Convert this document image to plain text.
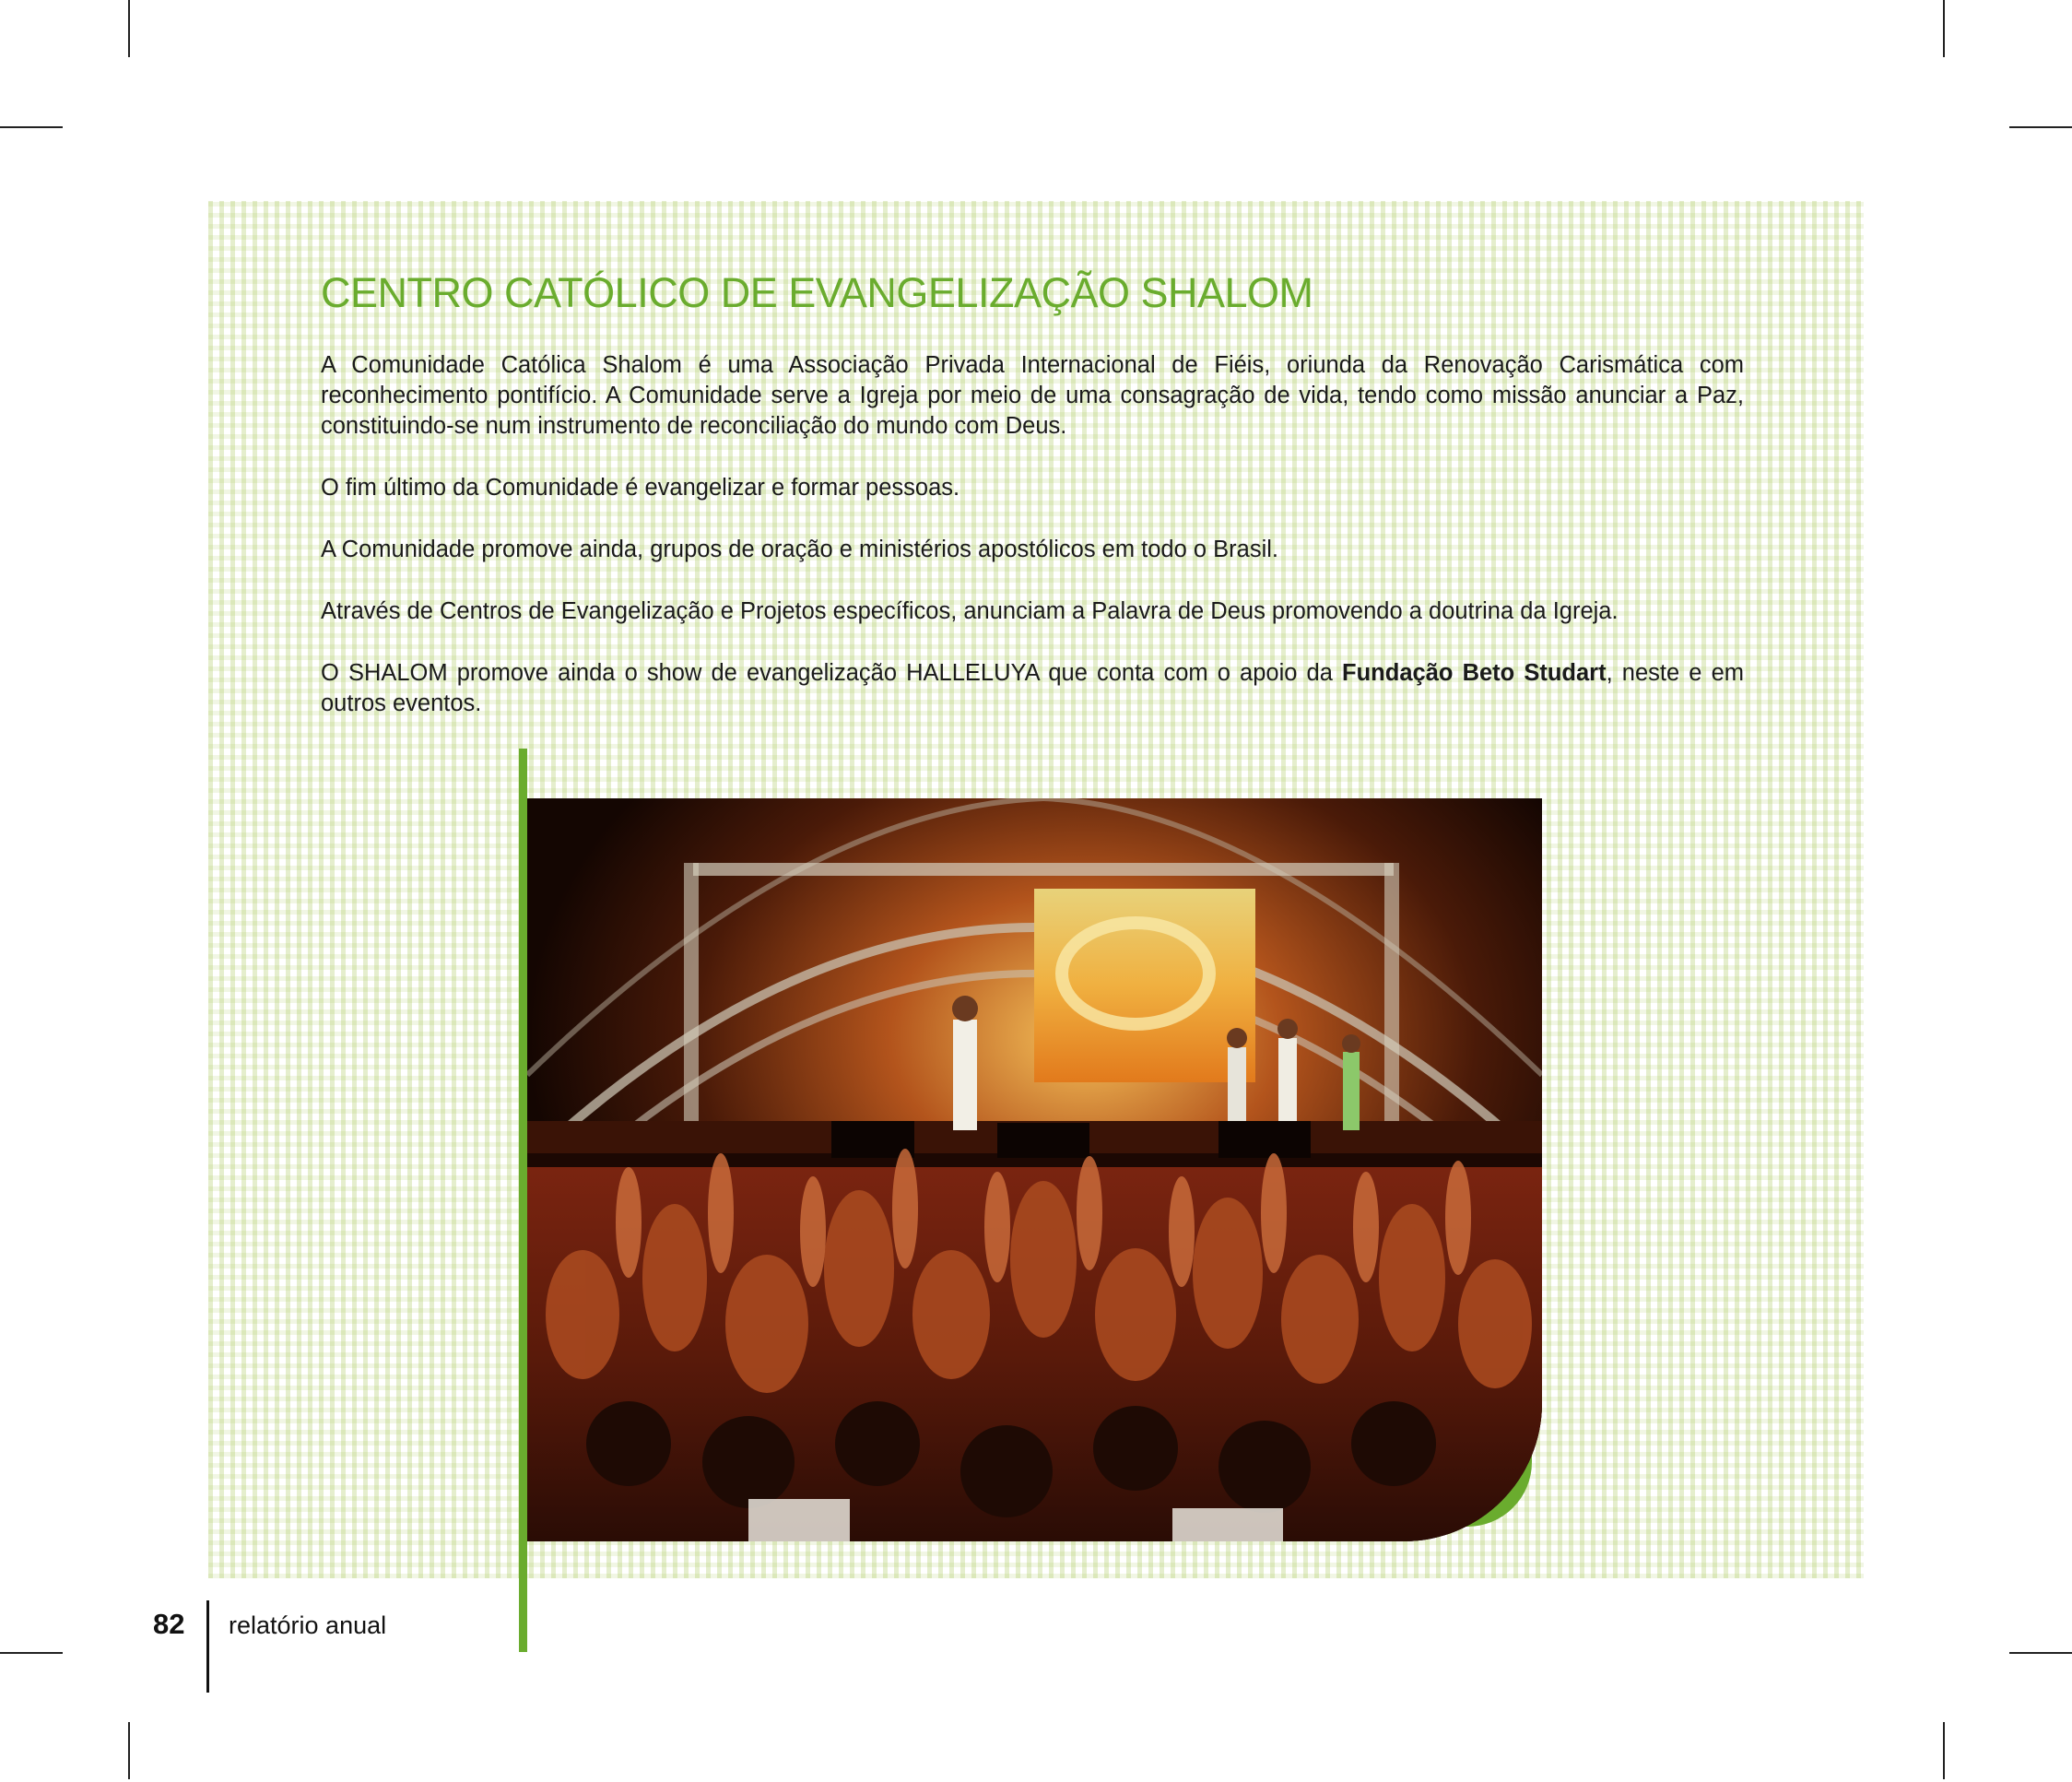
CENTRO CATÓLICO DE EVANGELIZAÇÃO SHALOM

A Comunidade Católica Shalom é uma Associação Privada Internacional de Fiéis, oriunda da Renovação Carismática com reconhecimento pontifício. A Comunidade serve a Igreja por meio de uma consagração de vida, tendo como missão anunciar a Paz, constituindo-se num instrumento de reconciliação do mundo com Deus.

O fim último da Comunidade é evangelizar e formar pessoas.

A Comunidade promove ainda, grupos de oração e ministérios apostólicos em todo o Brasil.

Através de Centros de Evangelização e Projetos específicos, anunciam a Palavra de Deus promovendo a doutrina da Igreja.

O SHALOM promove ainda o show de evangelização HALLELUYA que conta com o apoio da Fundação Beto Studart, neste e em outros eventos.

82 relatório anual
